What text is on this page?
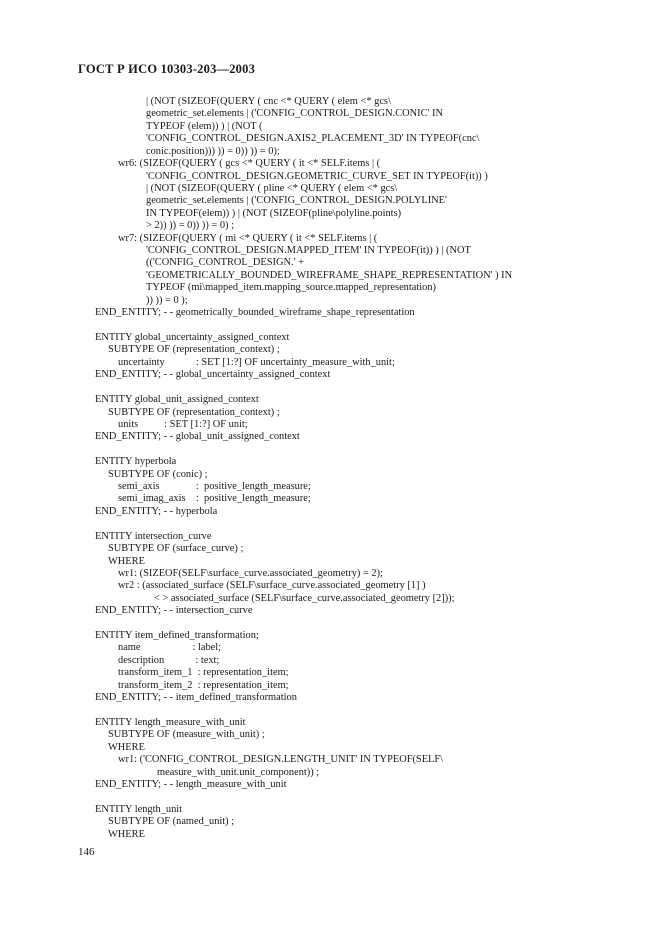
ГОСТ Р ИСО 10303-203—2003
| (NOT (SIZEOF(QUERY ( cnc <* QUERY ( elem <* gcs\
geometric_set.elements | ('CONFIG_CONTROL_DESIGN.CONIC' IN
TYPEOF (elem)) ) | (NOT (
'CONFIG_CONTROL_DESIGN.AXIS2_PLACEMENT_3D' IN TYPEOF(cnc\
conic.position))) )) = 0)) )) = 0);
wr6: (SIZEOF(QUERY ( gcs <* QUERY ( it <* SELF.items | (
'CONFIG_CONTROL_DESIGN.GEOMETRIC_CURVE_SET IN TYPEOF(it)) )
| (NOT (SIZEOF(QUERY ( pline <* QUERY ( elem <* gcs\
geometric_set.elements | ('CONFIG_CONTROL_DESIGN.POLYLINE'
IN TYPEOF(elem)) ) | (NOT (SIZEOF(pline\polyline.points)
> 2)) )) = 0)) )) = 0) ;
wr7: (SIZEOF(QUERY ( mi <* QUERY ( it <* SELF.items | (
'CONFIG_CONTROL_DESIGN.MAPPED_ITEM' IN TYPEOF(it)) ) | (NOT
(('CONFIG_CONTROL_DESIGN.' +
'GEOMETRICALLY_BOUNDED_WIREFRAME_SHAPE_REPRESENTATION' ) IN
TYPEOF (mi\mapped_item.mapping_source.mapped_representation)
)) )) = 0 );
END_ENTITY; - - geometrically_bounded_wireframe_shape_representation
ENTITY global_uncertainty_assigned_context
SUBTYPE OF (representation_context) ;
uncertainty            : SET [1:?] OF uncertainty_measure_with_unit;
END_ENTITY; - - global_uncertainty_assigned_context
ENTITY global_unit_assigned_context
SUBTYPE OF (representation_context) ;
units          : SET [1:?] OF unit;
END_ENTITY; - - global_unit_assigned_context
ENTITY hyperbola
SUBTYPE OF (conic) ;
semi_axis              :  positive_length_measure;
semi_imag_axis    :  positive_length_measure;
END_ENTITY; - - hyperbola
ENTITY intersection_curve
SUBTYPE OF (surface_curve) ;
WHERE
wr1: (SIZEOF(SELF\surface_curve.associated_geometry) = 2);
wr2 : (associated_surface (SELF\surface_curve.associated_geometry [1] )
< > associated_surface (SELF\surface_curve.associated_geometry [2]));
END_ENTITY; - - intersection_curve
ENTITY item_defined_transformation;
name                    : label;
description            : text;
transform_item_1  : representation_item;
transform_item_2  : representation_item;
END_ENTITY; - - item_defined_transformation
ENTITY length_measure_with_unit
SUBTYPE OF (measure_with_unit) ;
WHERE
wr1: ('CONFIG_CONTROL_DESIGN.LENGTH_UNIT' IN TYPEOF(SELF\
measure_with_unit.unit_component)) ;
END_ENTITY; - - length_measure_with_unit
ENTITY length_unit
SUBTYPE OF (named_unit) ;
WHERE
146
